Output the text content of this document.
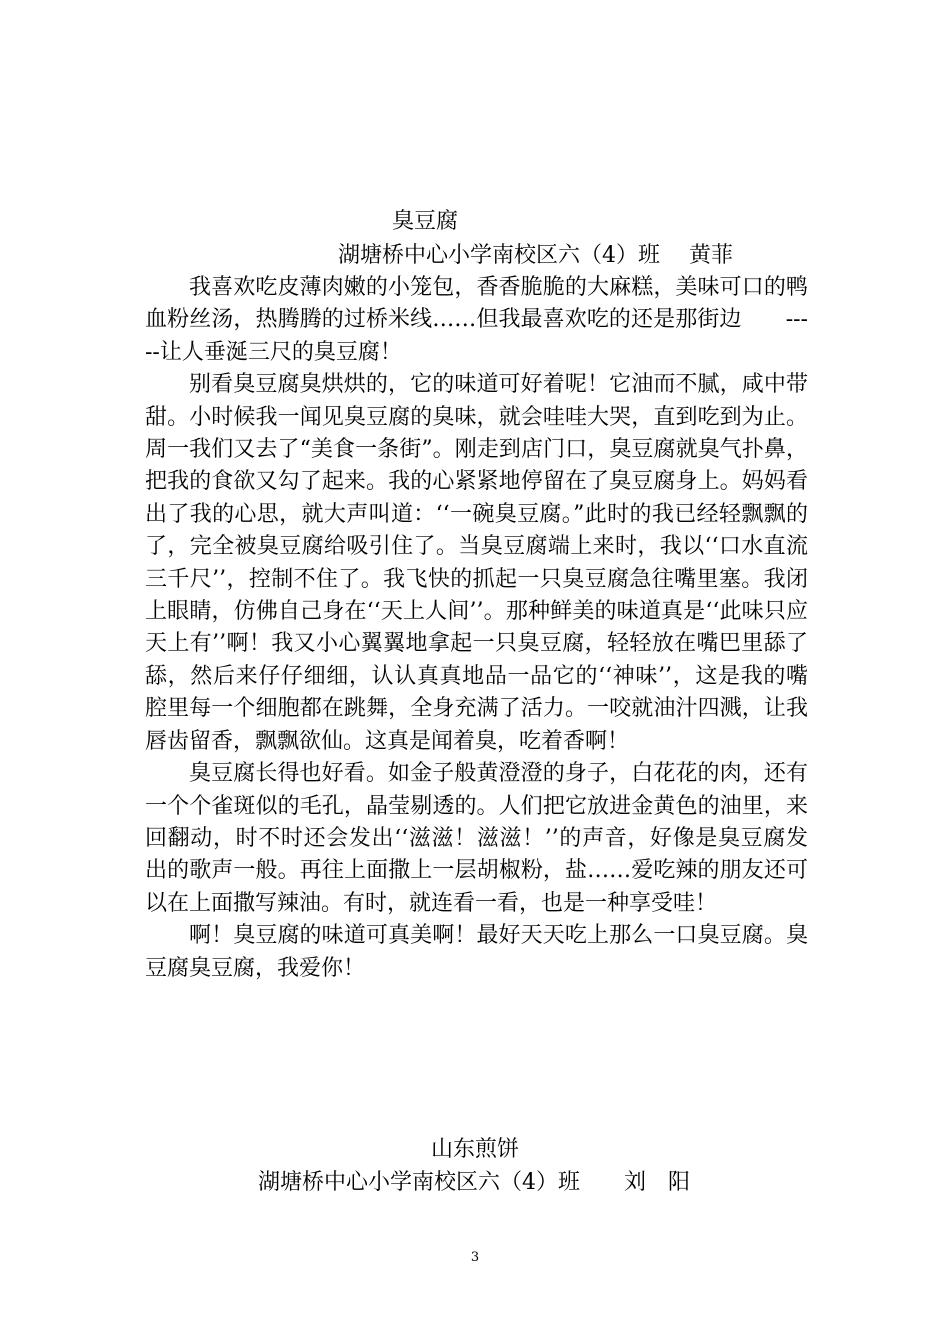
臭豆腐
湖塘桥中心小学南校区六（4）班　 黄菲

我喜欢吃皮薄肉嫩的小笼包，香香脆脆的大麻糕，美味可口的鸭血粉丝汤，热腾腾的过桥米线……但我最喜欢吃的还是那街边　　-----让人垂涎三尺的臭豆腐！

别看臭豆腐臭烘烘的，它的味道可好着呢！它油而不腻，咸中带甜。小时候我一闻见臭豆腐的臭味，就会哇哇大哭，直到吃到为止。周一我们又去了“美食一条街”。刚走到店门口，臭豆腐就臭气扑鼻，把我的食欲又勾了起来。我的心紧紧地停留在了臭豆腐身上。妈妈看出了我的心思，就大声叫道：‘‘一碗臭豆腐。”此时的我已经轻飘飘的了，完全被臭豆腐给吸引住了。当臭豆腐端上来时，我以‘‘口水直流三千尺’’，控制不住了。我飞快的抓起一只臭豆腐急往嘴里塞。我闭上眼睛，仿佛自己身在‘‘天上人间’’。那种鲜美的味道真是‘‘此味只应天上有’’啊！我又小心翼翼地拿起一只臭豆腐，轻轻放在嘴巴里舔了舔，然后来仔仔细细，认认真真地品一品它的‘‘神味’’，这是我的嘴腔里每一个细胞都在跳舞，全身充满了活力。一咬就油汁四溅，让我唇齿留香，飘飘欲仙。这真是闻着臭，吃着香啊！

臭豆腐长得也好看。如金子般黄澄澄的身子，白花花的肉，还有一个个雀斑似的毛孔，晶莹剔透的。人们把它放进金黄色的油里，来回翻动，时不时还会发出‘‘滋滋！滋滋！’’的声音，好像是臭豆腐发出的歌声一般。再往上面撒上一层胡椒粉，盐……爱吃辣的朋友还可以在上面撒写辣油。有时，就连看一看，也是一种享受哇！

啊！臭豆腐的味道可真美啊！最好天天吃上那么一口臭豆腐。臭豆腐臭豆腐，我爱你！

山东煎饼
湖塘桥中心小学南校区六（4）班　　刘　阳
3
